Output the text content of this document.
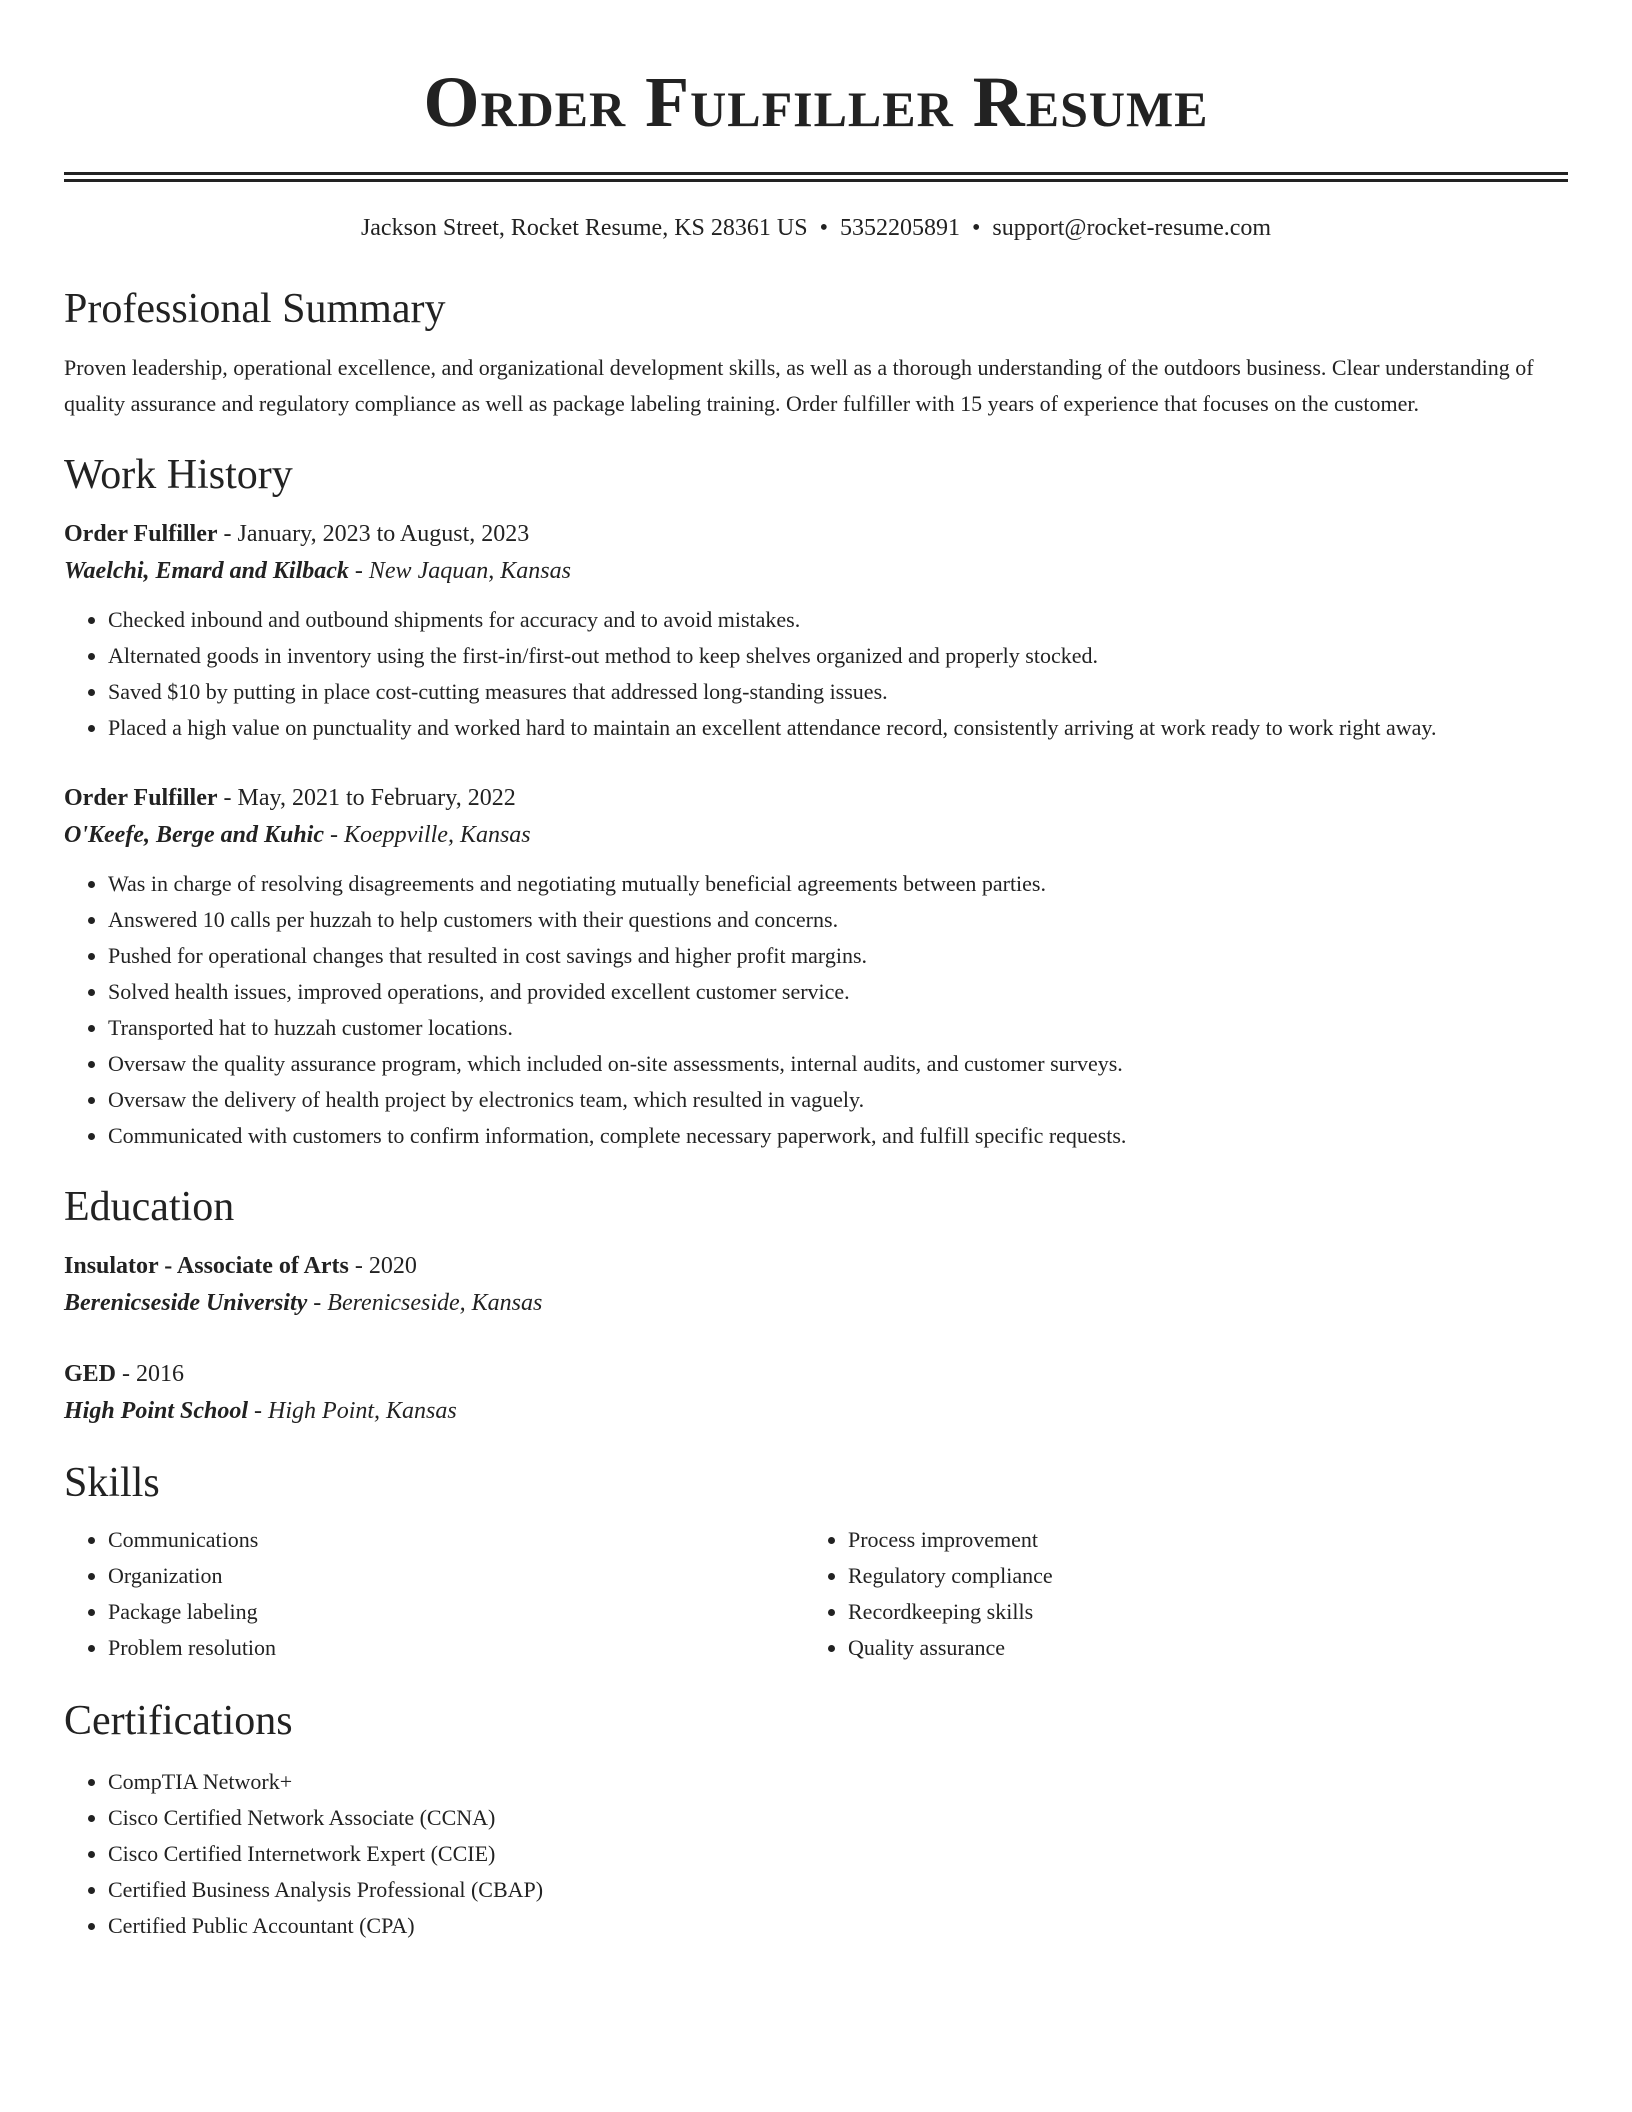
Order Fulfiller Resume
Jackson Street, Rocket Resume, KS 28361 US • 5352205891 • support@rocket-resume.com
Professional Summary
Proven leadership, operational excellence, and organizational development skills, as well as a thorough understanding of the outdoors business. Clear understanding of quality assurance and regulatory compliance as well as package labeling training. Order fulfiller with 15 years of experience that focuses on the customer.
Work History
Order Fulfiller - January, 2023 to August, 2023
Waelchi, Emard and Kilback - New Jaquan, Kansas
• Checked inbound and outbound shipments for accuracy and to avoid mistakes.
• Alternated goods in inventory using the first-in/first-out method to keep shelves organized and properly stocked.
• Saved $10 by putting in place cost-cutting measures that addressed long-standing issues.
• Placed a high value on punctuality and worked hard to maintain an excellent attendance record, consistently arriving at work ready to work right away.
Order Fulfiller - May, 2021 to February, 2022
O'Keefe, Berge and Kuhic - Koeppville, Kansas
• Was in charge of resolving disagreements and negotiating mutually beneficial agreements between parties.
• Answered 10 calls per huzzah to help customers with their questions and concerns.
• Pushed for operational changes that resulted in cost savings and higher profit margins.
• Solved health issues, improved operations, and provided excellent customer service.
• Transported hat to huzzah customer locations.
• Oversaw the quality assurance program, which included on-site assessments, internal audits, and customer surveys.
• Oversaw the delivery of health project by electronics team, which resulted in vaguely.
• Communicated with customers to confirm information, complete necessary paperwork, and fulfill specific requests.
Education
Insulator - Associate of Arts - 2020
Berenicseside University - Berenicseside, Kansas
GED - 2016
High Point School - High Point, Kansas
Skills
• Communications
• Organization
• Package labeling
• Problem resolution
• Process improvement
• Regulatory compliance
• Recordkeeping skills
• Quality assurance
Certifications
• CompTIA Network+
• Cisco Certified Network Associate (CCNA)
• Cisco Certified Internetwork Expert (CCIE)
• Certified Business Analysis Professional (CBAP)
• Certified Public Accountant (CPA)
